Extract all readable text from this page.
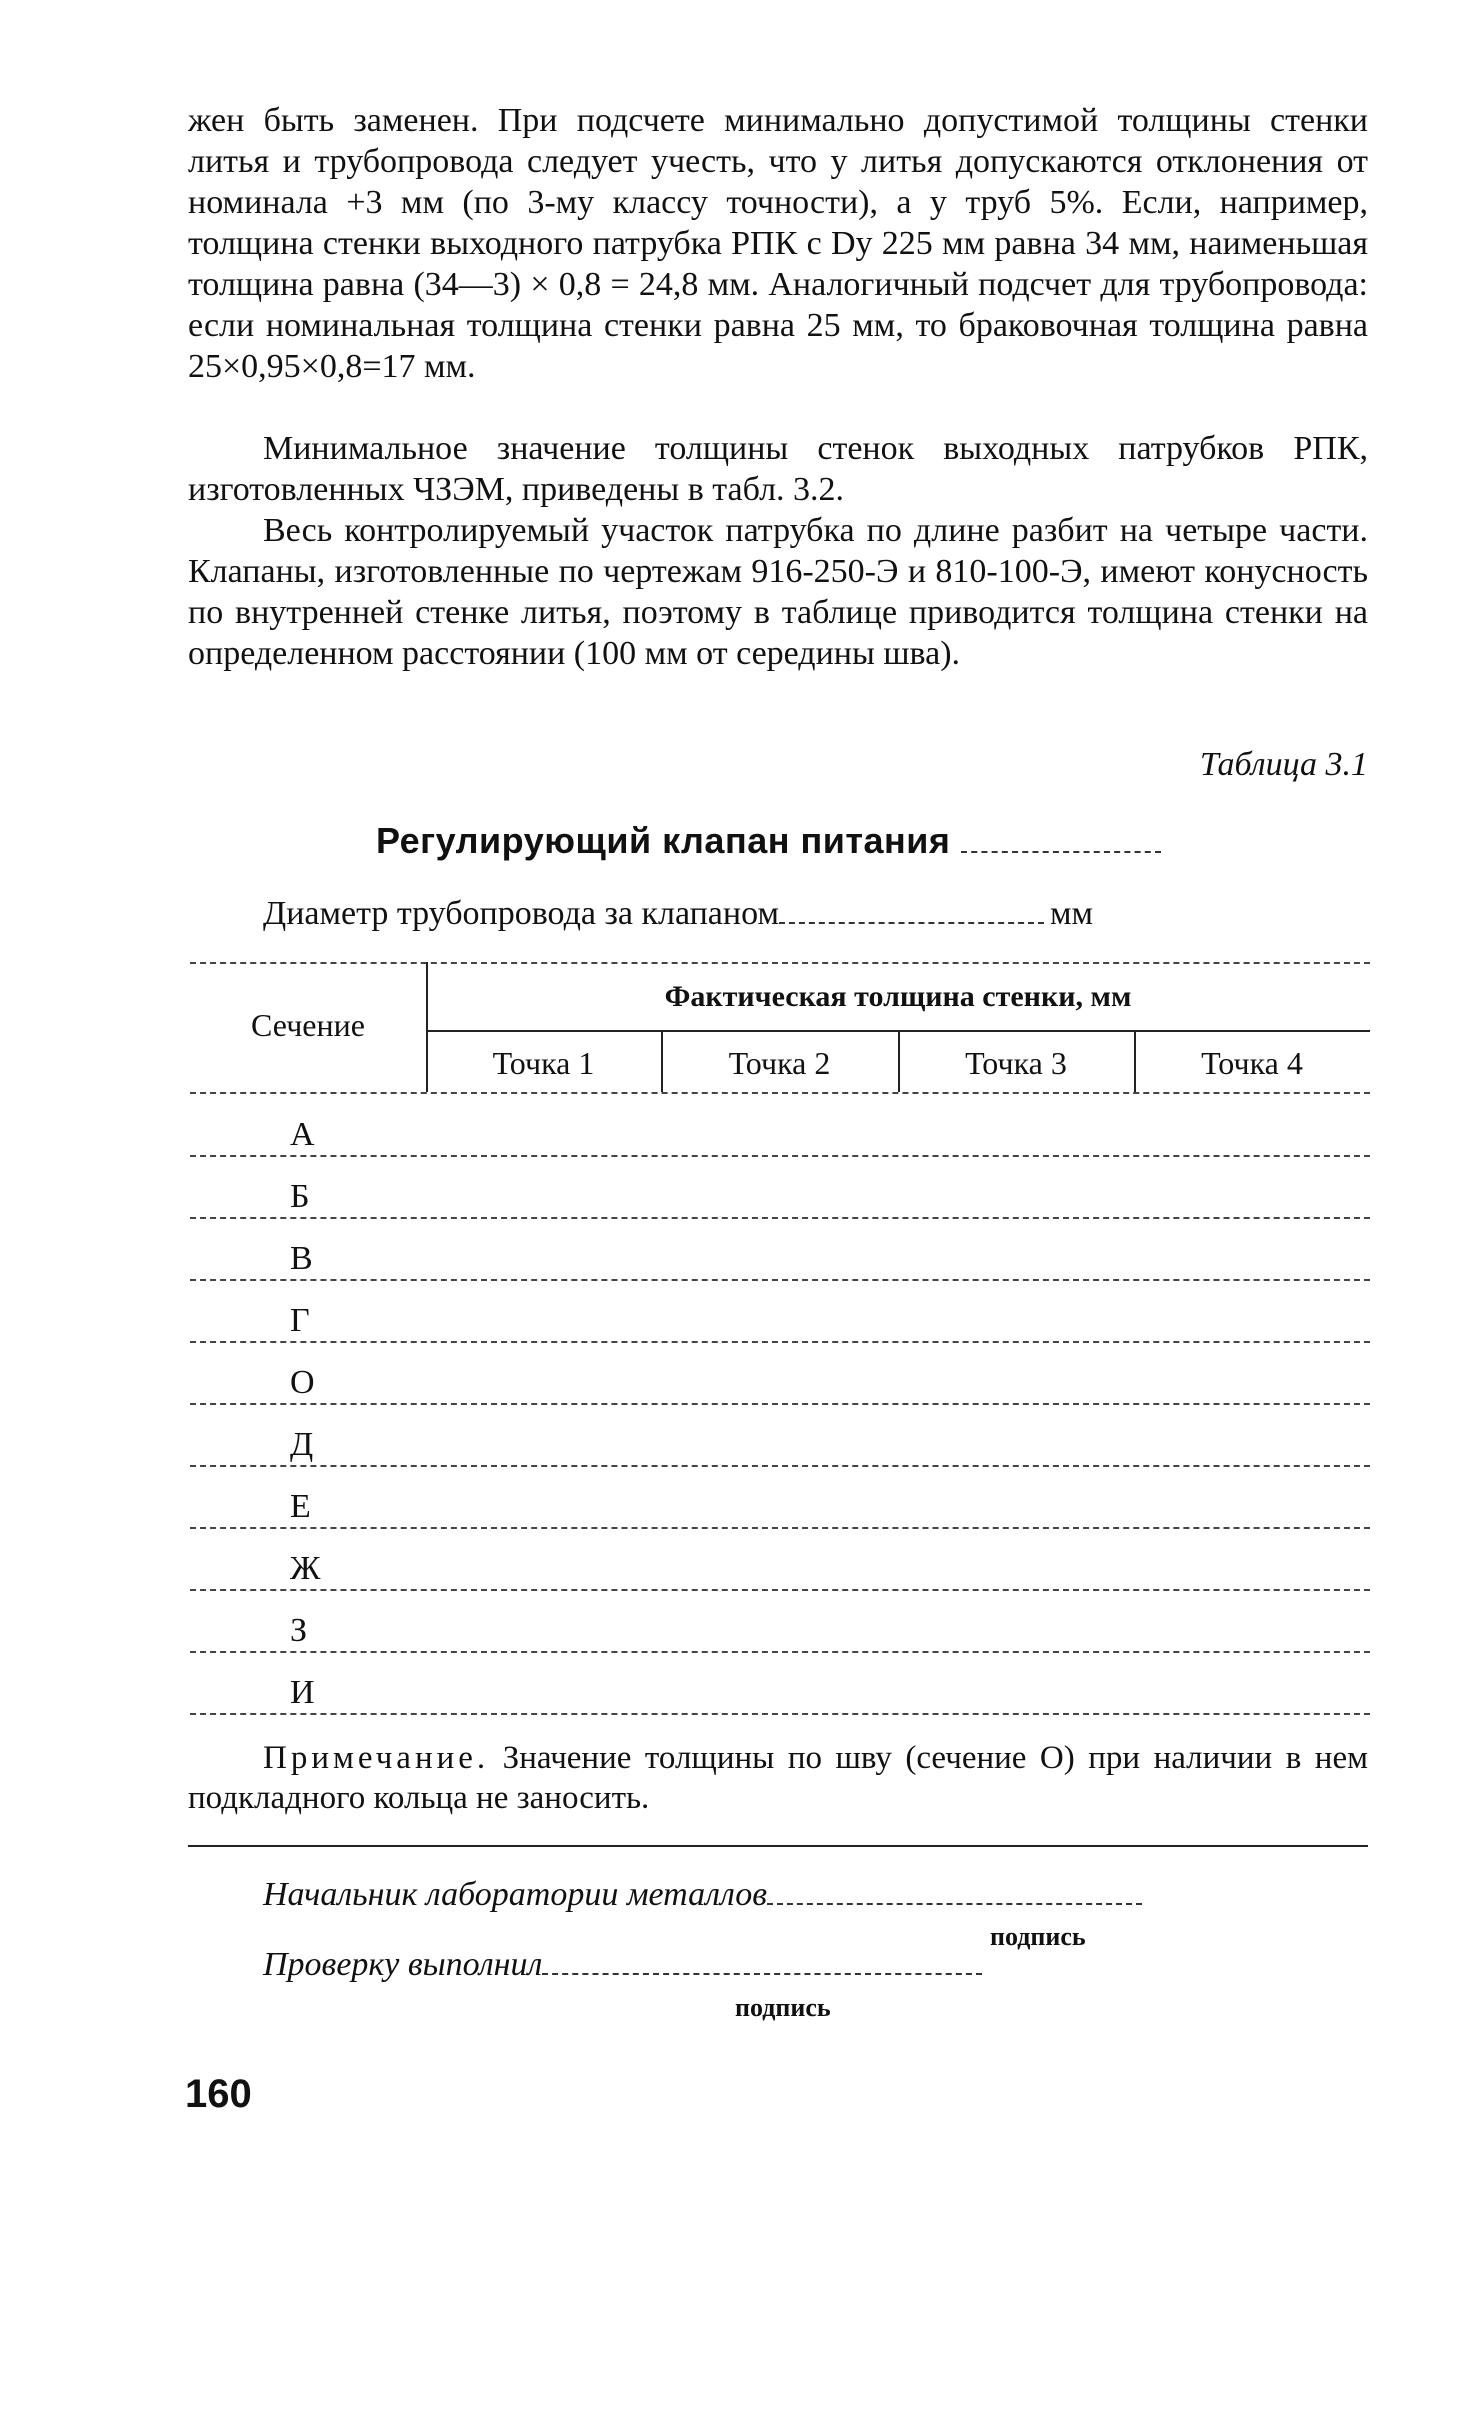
жен быть заменен. При подсчете минимально допустимой толщины стенки литья и трубопровода следует учесть, что у литья допускаются отклонения от номинала +3 мм (по 3-му классу точности), а у труб 5%. Если, например, толщина стенки выходного патрубка РПК с Dу 225 мм равна 34 мм, наименьшая толщина равна (34—3) × 0,8 = 24,8 мм. Аналогичный подсчет для трубопровода: если номинальная толщина стенки равна 25 мм, то браковочная толщина равна 25×0,95×0,8=17 мм.

Минимальное значение толщины стенок выходных патрубков РПК, изготовленных ЧЗЭМ, приведены в табл. 3.2.

Весь контролируемый участок патрубка по длине разбит на четыре части. Клапаны, изготовленные по чертежам 916-250-Э и 810-100-Э, имеют конусность по внутренней стенке литья, поэтому в таблице приводится толщина стенки на определенном расстоянии (100 мм от середины шва).

Таблица 3.1
Регулирующий клапан питания
Диаметр трубопровода за клапаном	мм
Сечение
Фактическая толщина стенки, мм
Точка 1	Точка 2	Точка 3	Точка 4
А
Б
В
Г
О
Д
Е
Ж
З
И

Примечание. Значение толщины по шву (сечение О) при наличии в нем подкладного кольца не заносить.

Начальник лаборатории металлов
подпись
Проверку выполнил
подпись
160
